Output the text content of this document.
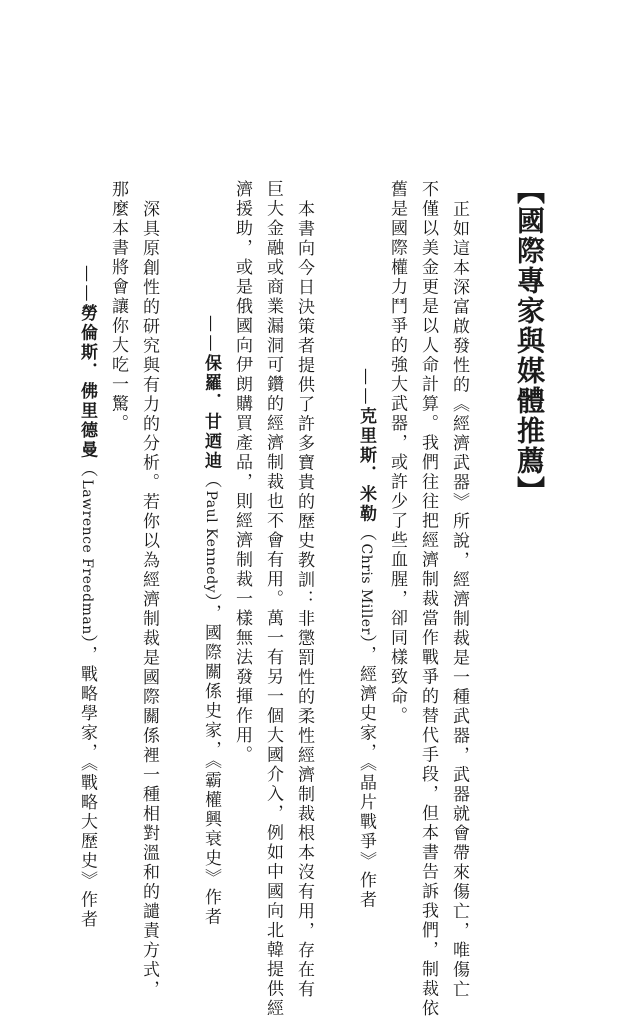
【國際專家與媒體推薦】
正如這本深富啟發性的《經濟武器》所說，經濟制裁是一種武器，武器就會帶來傷亡，唯傷亡
不僅以美金更是以人命計算。我們往往把經濟制裁當作戰爭的替代手段，但本書告訴我們，制裁依
舊是國際權力鬥爭的強大武器，或許少了些血腥，卻同樣致命。
——克里斯．米勒（Chris Miller），經濟史家，《晶片戰爭》作者
本書向今日決策者提供了許多寶貴的歷史教訓：非懲罰性的柔性經濟制裁根本沒有用，存在有
巨大金融或商業漏洞可鑽的經濟制裁也不會有用。萬一有另一個大國介入，例如中國向北韓提供經
濟援助，或是俄國向伊朗購買產品，則經濟制裁一樣無法發揮作用。
——保羅．甘迺迪（Paul Kennedy），國際關係史家，《霸權興衰史》作者
深具原創性的研究與有力的分析。若你以為經濟制裁是國際關係裡一種相對溫和的譴責方式，
那麼本書將會讓你大吃一驚。
——勞倫斯．佛里德曼（Lawrence Freedman），戰略學家，《戰略大歷史》作者
